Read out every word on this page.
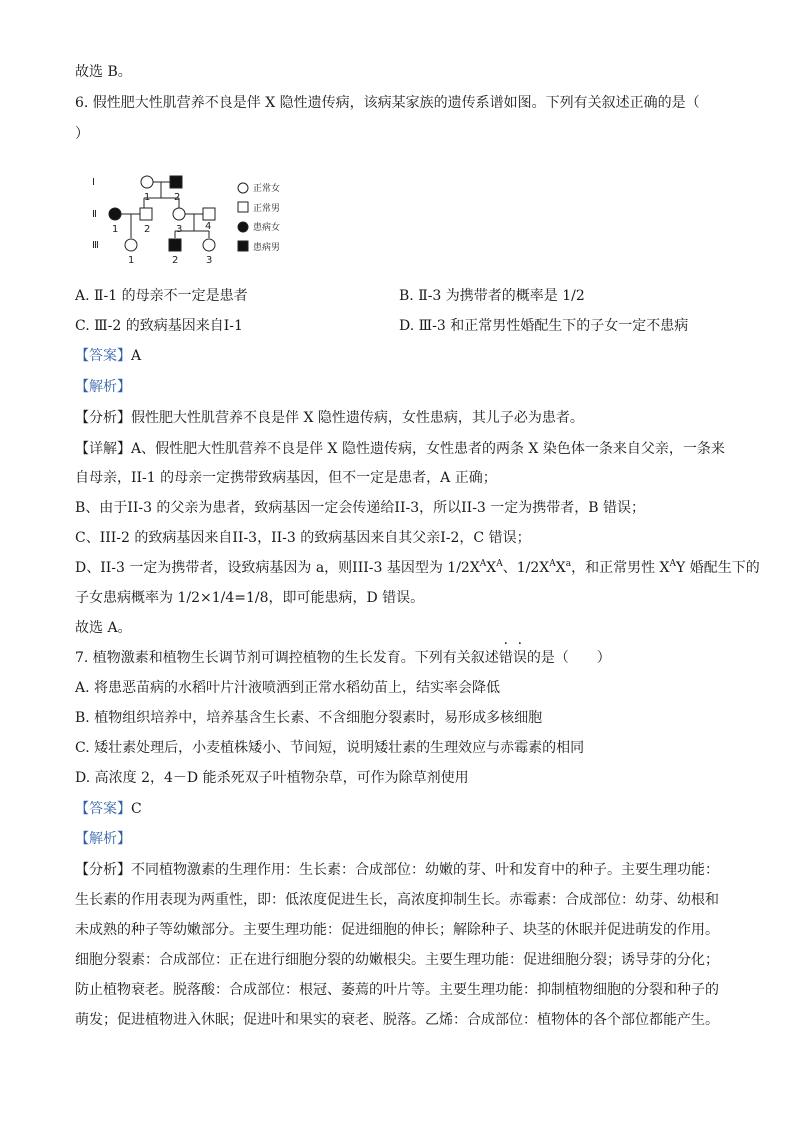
故选 B。
6. 假性肥大性肌营养不良是伴 X 隐性遗传病，该病某家族的遗传系谱如图。下列有关叙述正确的是（
）
Ⅰ
Ⅱ
Ⅲ
1 2
1	2	3 4
1	2	3
正常女
正常男
患病女
患病男
A. Ⅱ-1 的母亲不一定是患者	B. Ⅱ-3 为携带者的概率是 1/2
C. Ⅲ-2 的致病基因来自Ⅰ-1	D. Ⅲ-3 和正常男性婚配生下的子女一定不患病
【答案】A
【解析】
【分析】假性肥大性肌营养不良是伴 X 隐性遗传病，女性患病，其儿子必为患者。
【详解】A、假性肥大性肌营养不良是伴 X 隐性遗传病，女性患者的两条 X 染色体一条来自父亲，一条来
自母亲，II-1 的母亲一定携带致病基因，但不一定是患者，A 正确；
B、由于II-3 的父亲为患者，致病基因一定会传递给II-3，所以II-3 一定为携带者，B 错误；
C、III-2 的致病基因来自II-3，II-3 的致病基因来自其父亲I-2，C 错误；
D、II-3 一定为携带者，设致病基因为 a，则III-3 基因型为 $1/2X^AX^A$、$1/2X^AX^a$，和正常男性 $X^AY$ 婚配生下的
子女患病概率为 1/2×1/4=1/8，即可能患病，D 错误。
故选 A。
7. 植物激素和植物生长调节剂可调控植物的生长发育。下列有关叙述错误的是（　　）
A. 将患恶苗病的水稻叶片汁液喷洒到正常水稻幼苗上，结实率会降低
B. 植物组织培养中，培养基含生长素、不含细胞分裂素时，易形成多核细胞
C. 矮壮素处理后，小麦植株矮小、节间短，说明矮壮素的生理效应与赤霉素的相同
D. 高浓度 2，4－D 能杀死双子叶植物杂草，可作为除草剂使用
【答案】C
【解析】
【分析】不同植物激素的生理作用：生长素：合成部位：幼嫩的芽、叶和发育中的种子。主要生理功能：
生长素的作用表现为两重性，即：低浓度促进生长，高浓度抑制生长。赤霉素：合成部位：幼芽、幼根和
未成熟的种子等幼嫩部分。主要生理功能：促进细胞的伸长；解除种子、块茎的休眠并促进萌发的作用。
细胞分裂素：合成部位：正在进行细胞分裂的幼嫩根尖。主要生理功能：促进细胞分裂；诱导芽的分化；
防止植物衰老。脱落酸：合成部位：根冠、萎蔫的叶片等。主要生理功能：抑制植物细胞的分裂和种子的
萌发；促进植物进入休眠；促进叶和果实的衰老、脱落。乙烯：合成部位：植物体的各个部位都能产生。
